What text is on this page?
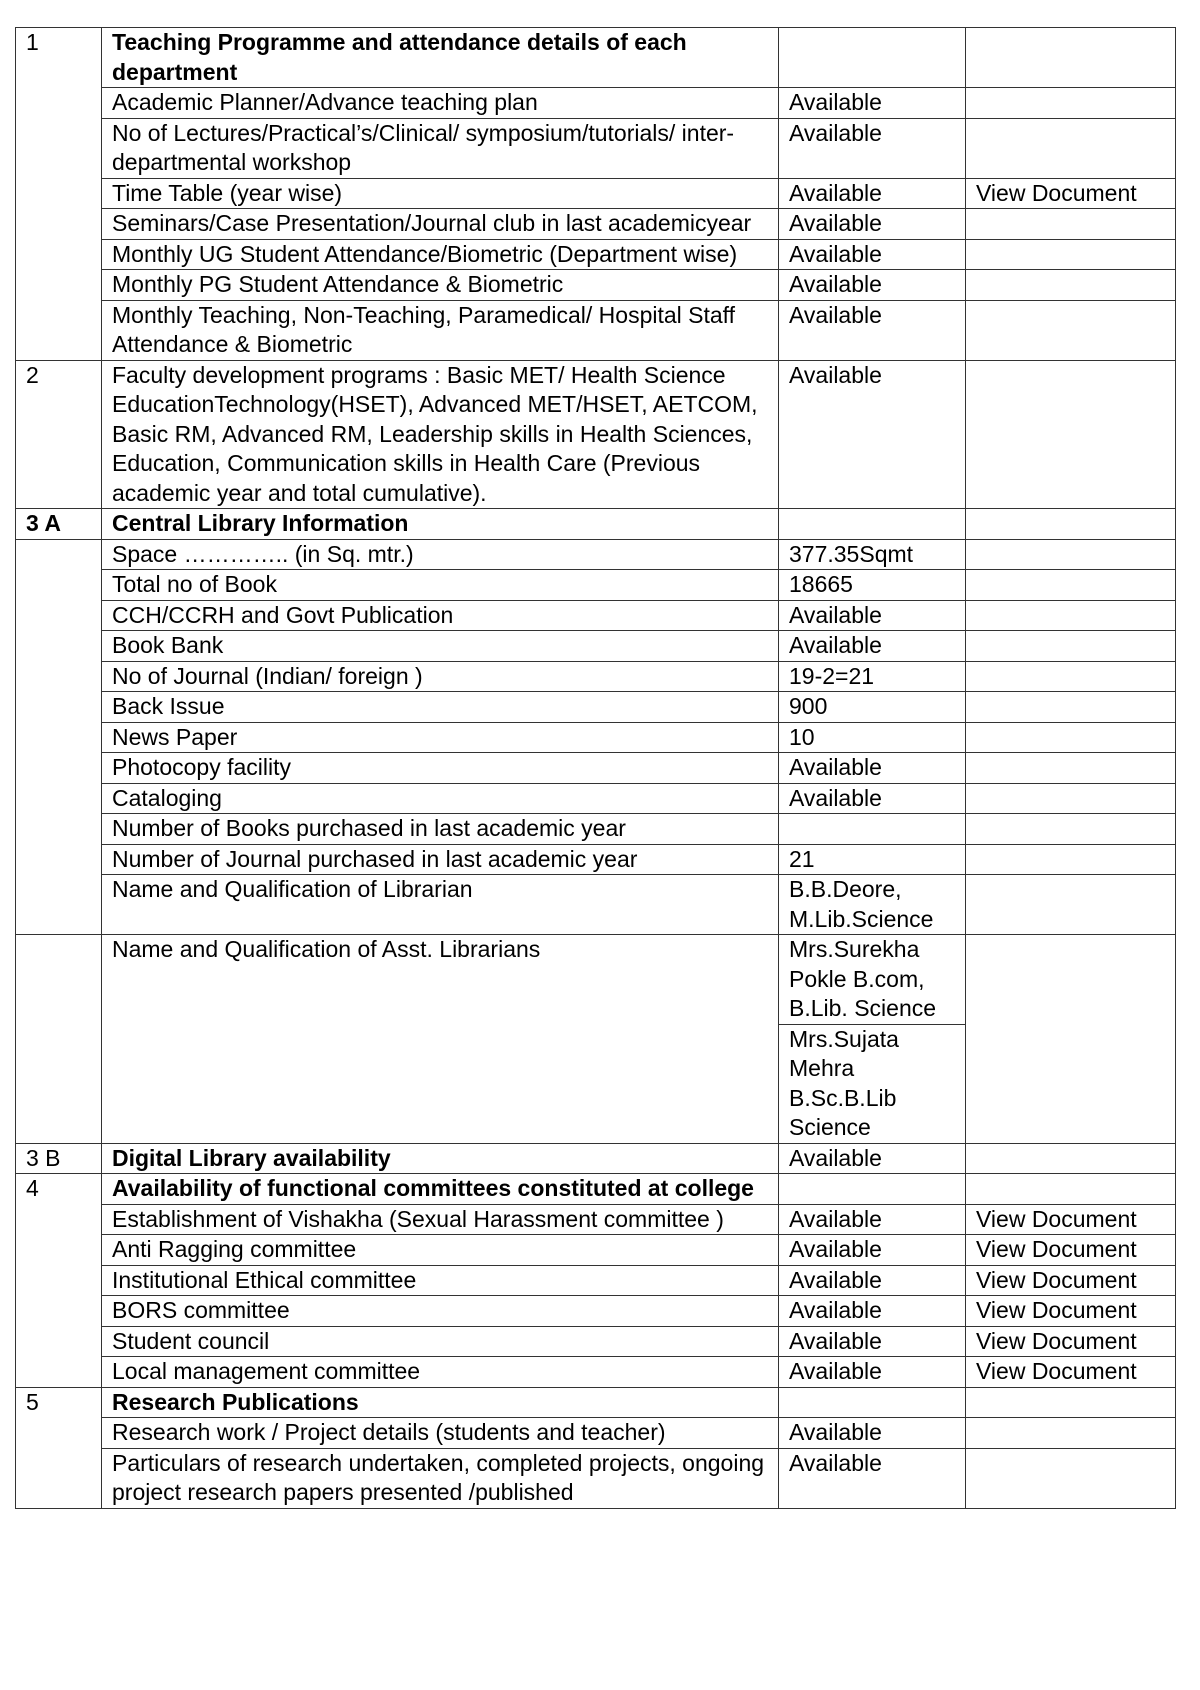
1	Teaching Programme and attendance details of each department		
	Academic Planner/Advance teaching plan	Available	
	No of Lectures/Practical’s/Clinical/ symposium/tutorials/ inter-departmental workshop	Available	
	Time Table (year wise)	Available	View Document
	Seminars/Case Presentation/Journal club in last academicyear	Available	
	Monthly UG Student Attendance/Biometric (Department wise)	Available	
	Monthly PG Student Attendance & Biometric	Available	
	Monthly Teaching, Non-Teaching, Paramedical/ Hospital Staff Attendance & Biometric	Available	
2	Faculty development programs : Basic MET/ Health Science EducationTechnology(HSET), Advanced MET/HSET, AETCOM, Basic RM, Advanced RM, Leadership skills in Health Sciences, Education, Communication skills in Health Care (Previous academic year and total cumulative).	Available	
3 A	Central Library Information		
	Space ………….. (in Sq. mtr.)	377.35Sqmt	
	Total no of Book	18665	
	CCH/CCRH and Govt Publication	Available	
	Book Bank	Available	
	No of Journal (Indian/ foreign )	19-2=21	
	Back Issue	900	
	News Paper	10	
	Photocopy facility	Available	
	Cataloging	Available	
	Number of Books purchased in last academic year		
	Number of Journal purchased in last academic year	21	
	Name and Qualification of Librarian	B.B.Deore, M.Lib.Science	
	Name and Qualification of Asst. Librarians	Mrs.Surekha Pokle B.com, B.Lib. Science	
		Mrs.Sujata Mehra B.Sc.B.Lib Science	
3 B	Digital Library availability	Available	
4	Availability of functional committees constituted at college		
	Establishment of Vishakha (Sexual Harassment committee )	Available	View Document
	Anti Ragging committee	Available	View Document
	Institutional Ethical committee	Available	View Document
	BORS committee	Available	View Document
	Student council	Available	View Document
	Local management committee	Available	View Document
5	Research Publications		
	Research work / Project details (students and teacher)	Available	
	Particulars of research undertaken, completed projects, ongoing project research papers presented /published	Available	
